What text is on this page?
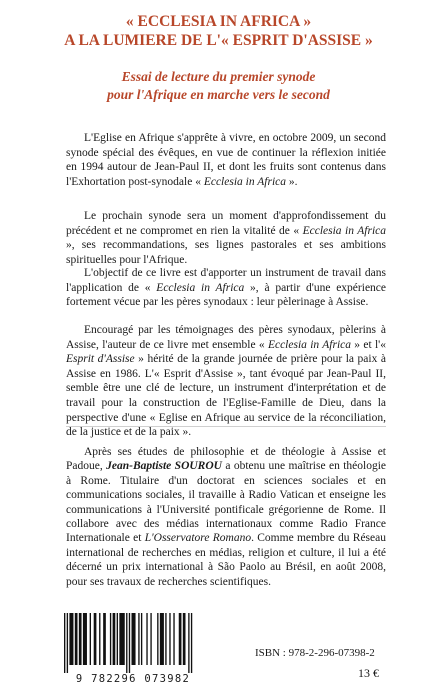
« ECCLESIA IN AFRICA »
A LA LUMIERE DE L'« ESPRIT D'ASSISE »
Essai de lecture du premier synode
pour l'Afrique en marche vers le second
L'Eglise en Afrique s'apprête à vivre, en octobre 2009, un second synode spécial des évêques, en vue de continuer la réflexion initiée en 1994 autour de Jean-Paul II, et dont les fruits sont contenus dans l'Exhortation post-synodale « Ecclesia in Africa ».
Le prochain synode sera un moment d'approfondissement du précédent et ne compromet en rien la vitalité de « Ecclesia in Africa », ses recommandations, ses lignes pastorales et ses ambitions spirituelles pour l'Afrique.
L'objectif de ce livre est d'apporter un instrument de travail dans l'application de « Ecclesia in Africa », à partir d'une expérience fortement vécue par les pères synodaux : leur pèlerinage à Assise.
Encouragé par les témoignages des pères synodaux, pèlerins à Assise, l'auteur de ce livre met ensemble « Ecclesia in Africa » et l'« Esprit d'Assise » hérité de la grande journée de prière pour la paix à Assise en 1986. L'« Esprit d'Assise », tant évoqué par Jean-Paul II, semble être une clé de lecture, un instrument d'interprétation et de travail pour la construction de l'Eglise-Famille de Dieu, dans la perspective d'une « Eglise en Afrique au service de la réconciliation, de la justice et de la paix ».
Après ses études de philosophie et de théologie à Assise et Padoue, Jean-Baptiste SOUROU a obtenu une maîtrise en théologie à Rome. Titulaire d'un doctorat en sciences sociales et en communications sociales, il travaille à Radio Vatican et enseigne les communications à l'Université pontificale grégorienne de Rome. Il collabore avec des médias internationaux comme Radio France Internationale et L'Osservatore Romano. Comme membre du Réseau international de recherches en médias, religion et culture, il lui a été décerné un prix international à São Paolo au Brésil, en août 2008, pour ses travaux de recherches scientifiques.
9 782296 073982
ISBN : 978-2-296-07398-2
13 €
